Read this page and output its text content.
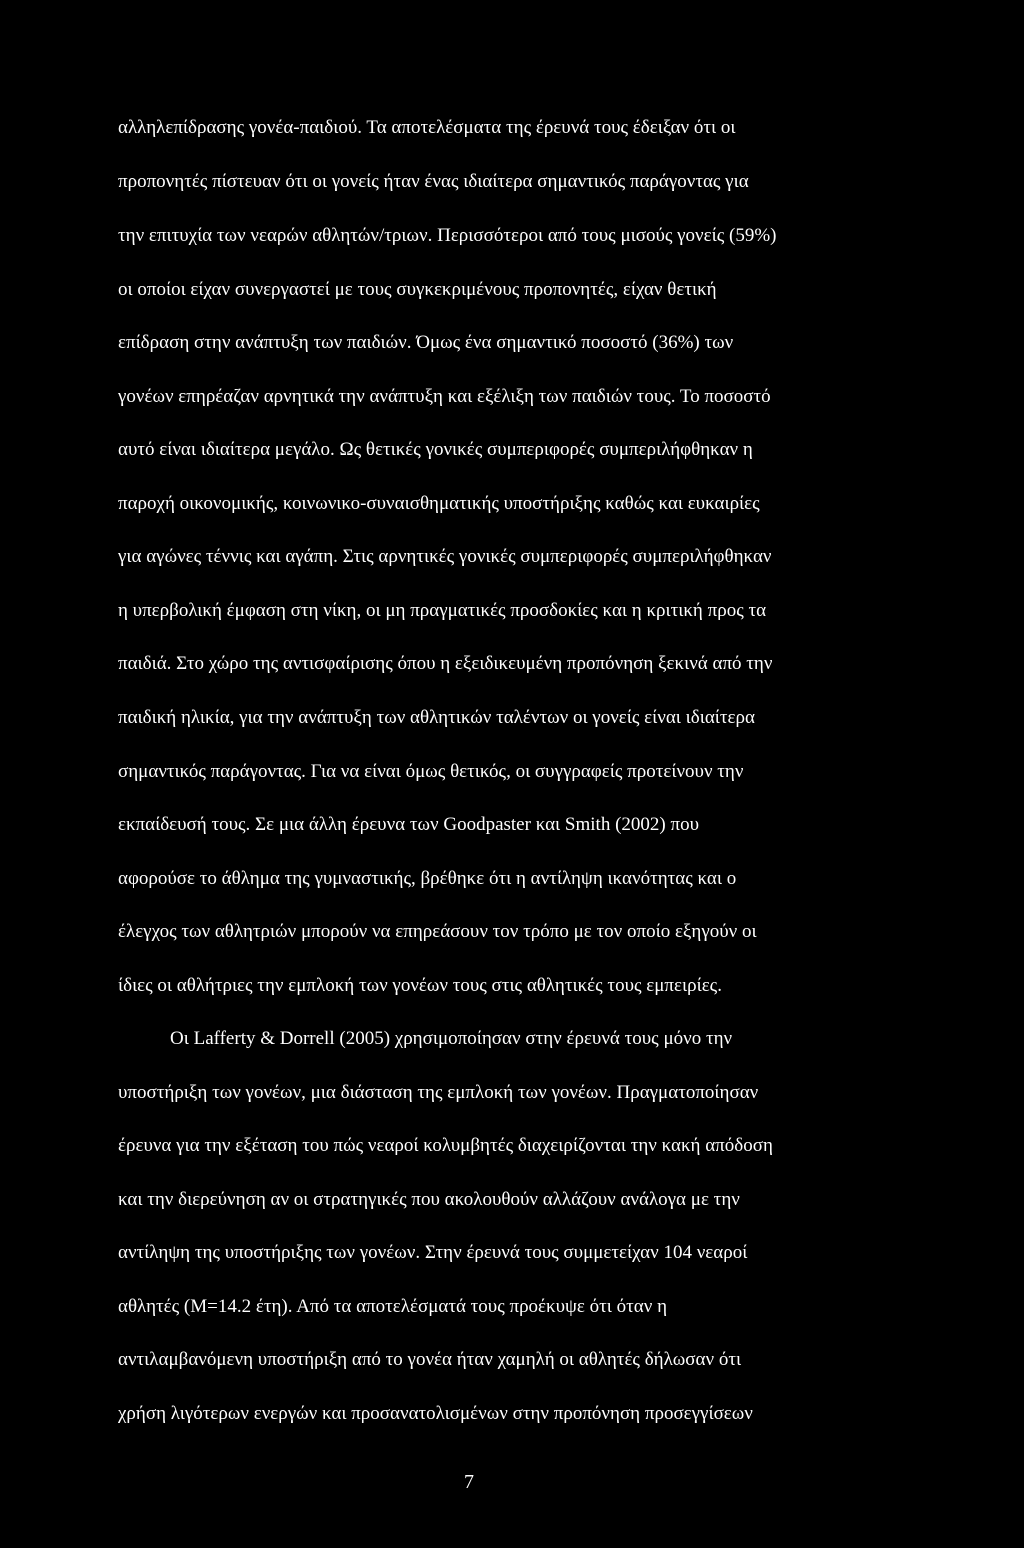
αλληλεπίδρασης γονέα-παιδιού. Τα αποτελέσματα της έρευνά τους έδειξαν ότι οι
προπονητές πίστευαν ότι οι γονείς ήταν ένας ιδιαίτερα σημαντικός παράγοντας για
την επιτυχία των νεαρών αθλητών/τριων. Περισσότεροι από τους μισούς γονείς (59%)
οι οποίοι είχαν συνεργαστεί με τους συγκεκριμένους προπονητές, είχαν θετική
επίδραση στην ανάπτυξη των παιδιών. Όμως ένα σημαντικό ποσοστό (36%) των
γονέων επηρέαζαν αρνητικά την ανάπτυξη και εξέλιξη των παιδιών τους. Το ποσοστό
αυτό είναι ιδιαίτερα μεγάλο. Ως θετικές γονικές συμπεριφορές συμπεριλήφθηκαν η
παροχή οικονομικής, κοινωνικο-συναισθηματικής υποστήριξης καθώς και ευκαιρίες
για αγώνες τέννις και αγάπη. Στις αρνητικές γονικές συμπεριφορές συμπεριλήφθηκαν
η υπερβολική έμφαση στη νίκη, οι μη πραγματικές προσδοκίες και η κριτική προς τα
παιδιά. Στο χώρο της αντισφαίρισης όπου η εξειδικευμένη προπόνηση ξεκινά από την
παιδική ηλικία, για την ανάπτυξη των αθλητικών ταλέντων οι γονείς είναι ιδιαίτερα
σημαντικός παράγοντας. Για να είναι όμως θετικός, οι συγγραφείς προτείνουν την
εκπαίδευσή τους. Σε μια άλλη έρευνα των Goodpaster και Smith (2002) που
αφορούσε το άθλημα της γυμναστικής, βρέθηκε ότι η αντίληψη ικανότητας και ο
έλεγχος των αθλητριών μπορούν να επηρεάσουν τον τρόπο με τον οποίο εξηγούν οι
ίδιες οι αθλήτριες την εμπλοκή των γονέων τους στις αθλητικές τους εμπειρίες.
Οι Lafferty & Dorrell (2005) χρησιμοποίησαν στην έρευνά τους μόνο την
υποστήριξη των γονέων, μια διάσταση της εμπλοκή των γονέων. Πραγματοποίησαν
έρευνα για την εξέταση του πώς νεαροί κολυμβητές διαχειρίζονται την κακή απόδοση
και την διερεύνηση αν οι στρατηγικές που ακολουθούν αλλάζουν ανάλογα με την
αντίληψη της υποστήριξης των γονέων. Στην έρευνά τους συμμετείχαν 104 νεαροί
αθλητές (M=14.2 έτη). Από τα αποτελέσματά τους προέκυψε ότι όταν η
αντιλαμβανόμενη υποστήριξη από το γονέα ήταν χαμηλή οι αθλητές δήλωσαν ότι
χρήση λιγότερων ενεργών και προσανατολισμένων στην προπόνηση προσεγγίσεων
7
